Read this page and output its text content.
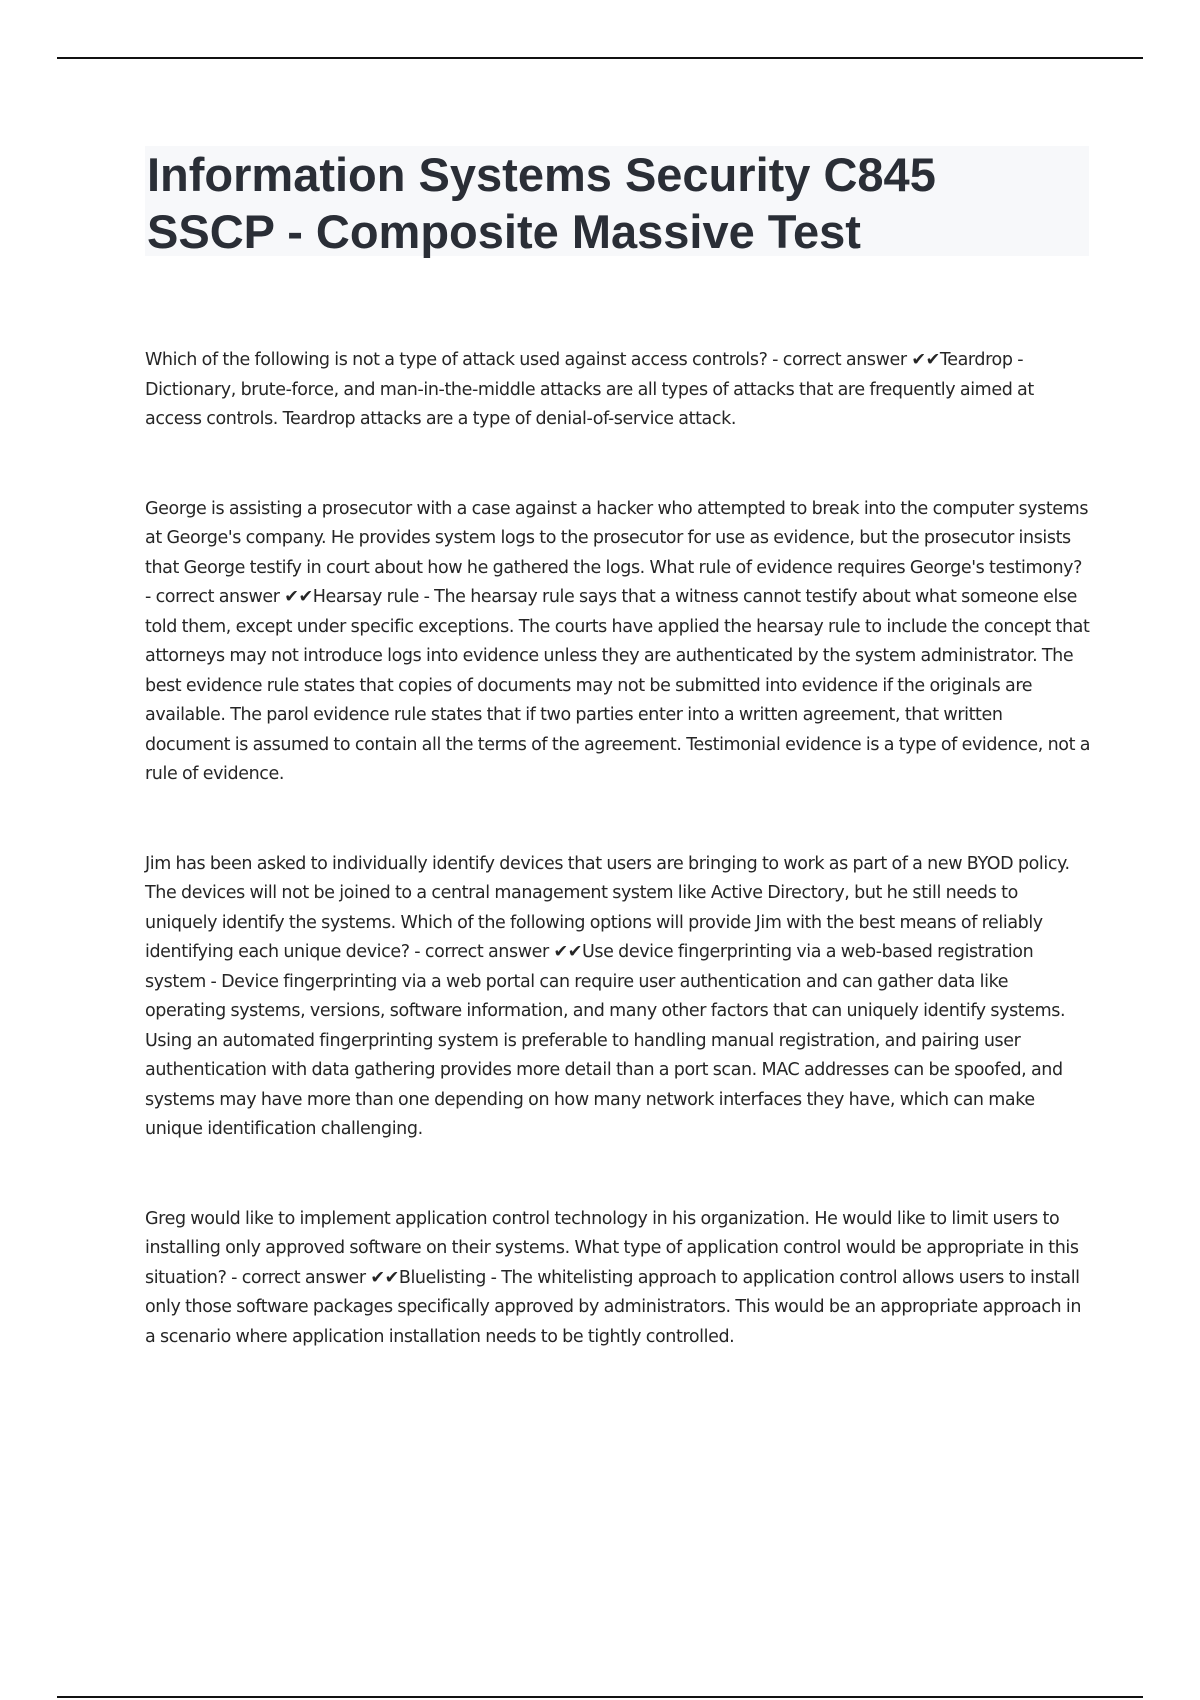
Information Systems Security C845
SSCP - Composite Massive Test

Which of the following is not a type of attack used against access controls? - correct answer ✔✔Teardrop - Dictionary, brute-force, and man-in-the-middle attacks are all types of attacks that are frequently aimed at access controls. Teardrop attacks are a type of denial-of-service attack.

George is assisting a prosecutor with a case against a hacker who attempted to break into the computer systems at George's company. He provides system logs to the prosecutor for use as evidence, but the prosecutor insists that George testify in court about how he gathered the logs. What rule of evidence requires George's testimony? - correct answer ✔✔Hearsay rule - The hearsay rule says that a witness cannot testify about what someone else told them, except under specific exceptions. The courts have applied the hearsay rule to include the concept that attorneys may not introduce logs into evidence unless they are authenticated by the system administrator. The best evidence rule states that copies of documents may not be submitted into evidence if the originals are available. The parol evidence rule states that if two parties enter into a written agreement, that written document is assumed to contain all the terms of the agreement. Testimonial evidence is a type of evidence, not a rule of evidence.

Jim has been asked to individually identify devices that users are bringing to work as part of a new BYOD policy. The devices will not be joined to a central management system like Active Directory, but he still needs to uniquely identify the systems. Which of the following options will provide Jim with the best means of reliably identifying each unique device? - correct answer ✔✔Use device fingerprinting via a web-based registration system - Device fingerprinting via a web portal can require user authentication and can gather data like operating systems, versions, software information, and many other factors that can uniquely identify systems. Using an automated fingerprinting system is preferable to handling manual registration, and pairing user authentication with data gathering provides more detail than a port scan. MAC addresses can be spoofed, and systems may have more than one depending on how many network interfaces they have, which can make unique identification challenging.

Greg would like to implement application control technology in his organization. He would like to limit users to installing only approved software on their systems. What type of application control would be appropriate in this situation? - correct answer ✔✔Bluelisting - The whitelisting approach to application control allows users to install only those software packages specifically approved by administrators. This would be an appropriate approach in a scenario where application installation needs to be tightly controlled.
